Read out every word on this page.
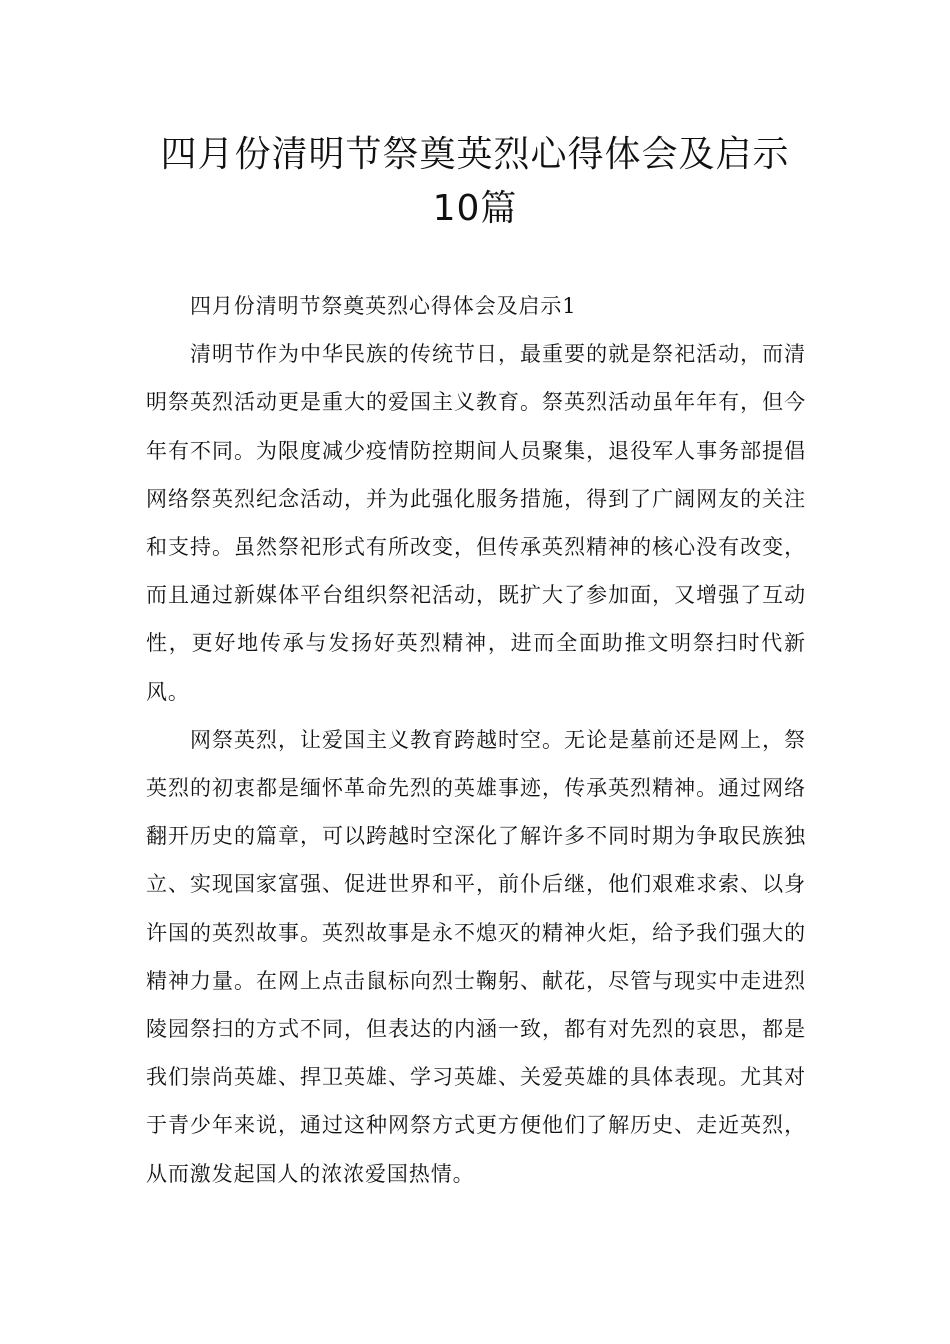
四月份清明节祭奠英烈心得体会及启示
10篇

四月份清明节祭奠英烈心得体会及启示1

清明节作为中华民族的传统节日，最重要的就是祭祀活动，而清明祭英烈活动更是重大的爱国主义教育。祭英烈活动虽年年有，但今年有不同。为限度减少疫情防控期间人员聚集，退役军人事务部提倡网络祭英烈纪念活动，并为此强化服务措施，得到了广阔网友的关注和支持。虽然祭祀形式有所改变，但传承英烈精神的核心没有改变，而且通过新媒体平台组织祭祀活动，既扩大了参加面，又增强了互动性，更好地传承与发扬好英烈精神，进而全面助推文明祭扫时代新风。

网祭英烈，让爱国主义教育跨越时空。无论是墓前还是网上，祭英烈的初衷都是缅怀革命先烈的英雄事迹，传承英烈精神。通过网络翻开历史的篇章，可以跨越时空深化了解许多不同时期为争取民族独立、实现国家富强、促进世界和平，前仆后继，他们艰难求索、以身许国的英烈故事。英烈故事是永不熄灭的精神火炬，给予我们强大的精神力量。在网上点击鼠标向烈士鞠躬、献花，尽管与现实中走进烈陵园祭扫的方式不同，但表达的内涵一致，都有对先烈的哀思，都是我们崇尚英雄、捍卫英雄、学习英雄、关爱英雄的具体表现。尤其对于青少年来说，通过这种网祭方式更方便他们了解历史、走近英烈，从而激发起国人的浓浓爱国热情。
